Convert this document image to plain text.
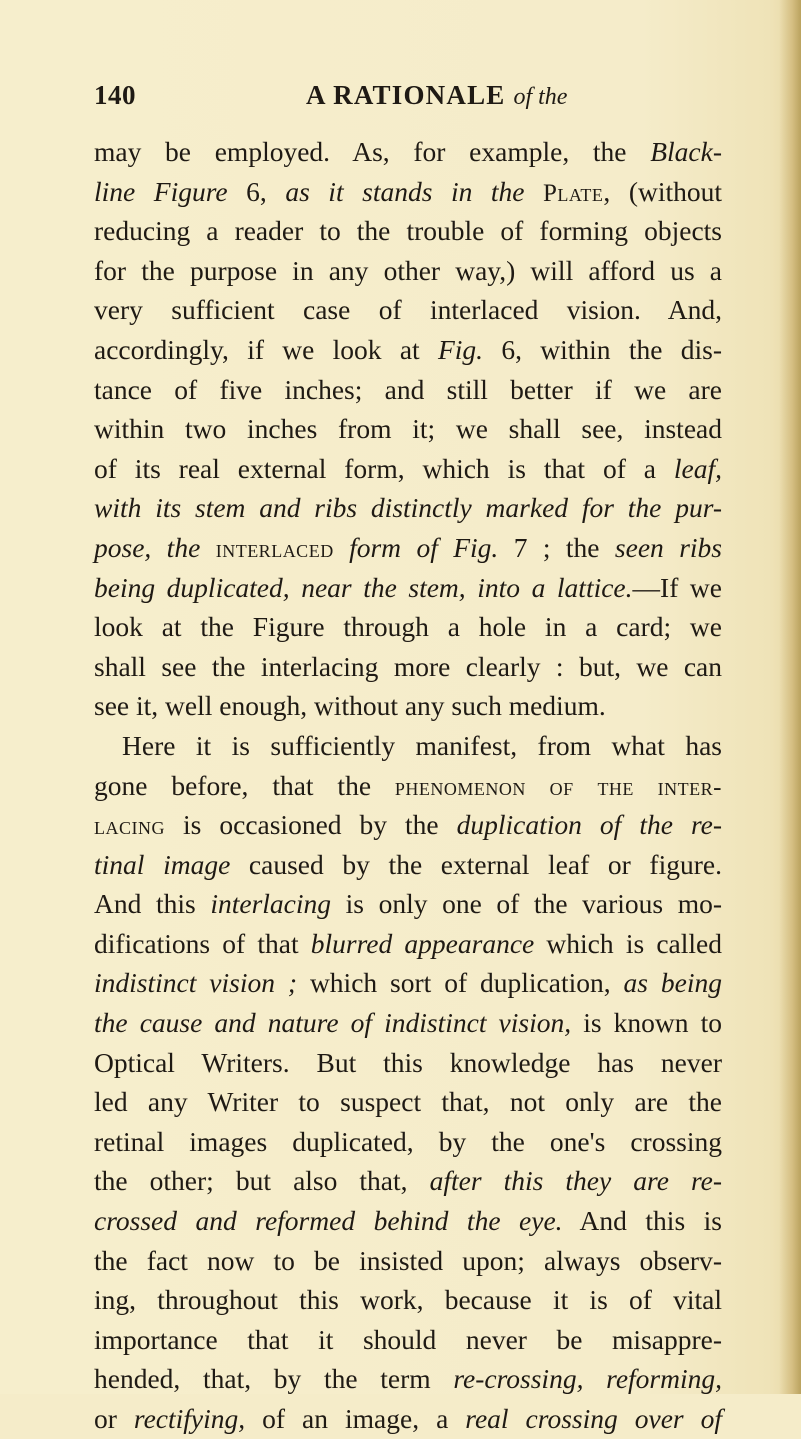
140	A RATIONALE of the
may be employed. As, for example, the Black-
line Figure 6, as it stands in the Plate, (without
reducing a reader to the trouble of forming objects
for the purpose in any other way,) will afford us a
very sufficient case of interlaced vision. And,
accordingly, if we look at Fig. 6, within the dis-
tance of five inches; and still better if we are
within two inches from it; we shall see, instead
of its real external form, which is that of a leaf,
with its stem and ribs distinctly marked for the pur-
pose, the interlaced form of Fig. 7 ; the seen ribs
being duplicated, near the stem, into a lattice.—If we
look at the Figure through a hole in a card; we
shall see the interlacing more clearly : but, we can
see it, well enough, without any such medium.
Here it is sufficiently manifest, from what has
gone before, that the phenomenon of the inter-
lacing is occasioned by the duplication of the re-
tinal image caused by the external leaf or figure.
And this interlacing is only one of the various mo-
difications of that blurred appearance which is called
indistinct vision ; which sort of duplication, as being
the cause and nature of indistinct vision, is known to
Optical Writers. But this knowledge has never
led any Writer to suspect that, not only are the
retinal images duplicated, by the one's crossing
the other; but also that, after this they are re-
crossed and reformed behind the eye. And this is
the fact now to be insisted upon; always observ-
ing, throughout this work, because it is of vital
importance that it should never be misappre-
hended, that, by the term re-crossing, reforming,
or rectifying, of an image, a real crossing over of
